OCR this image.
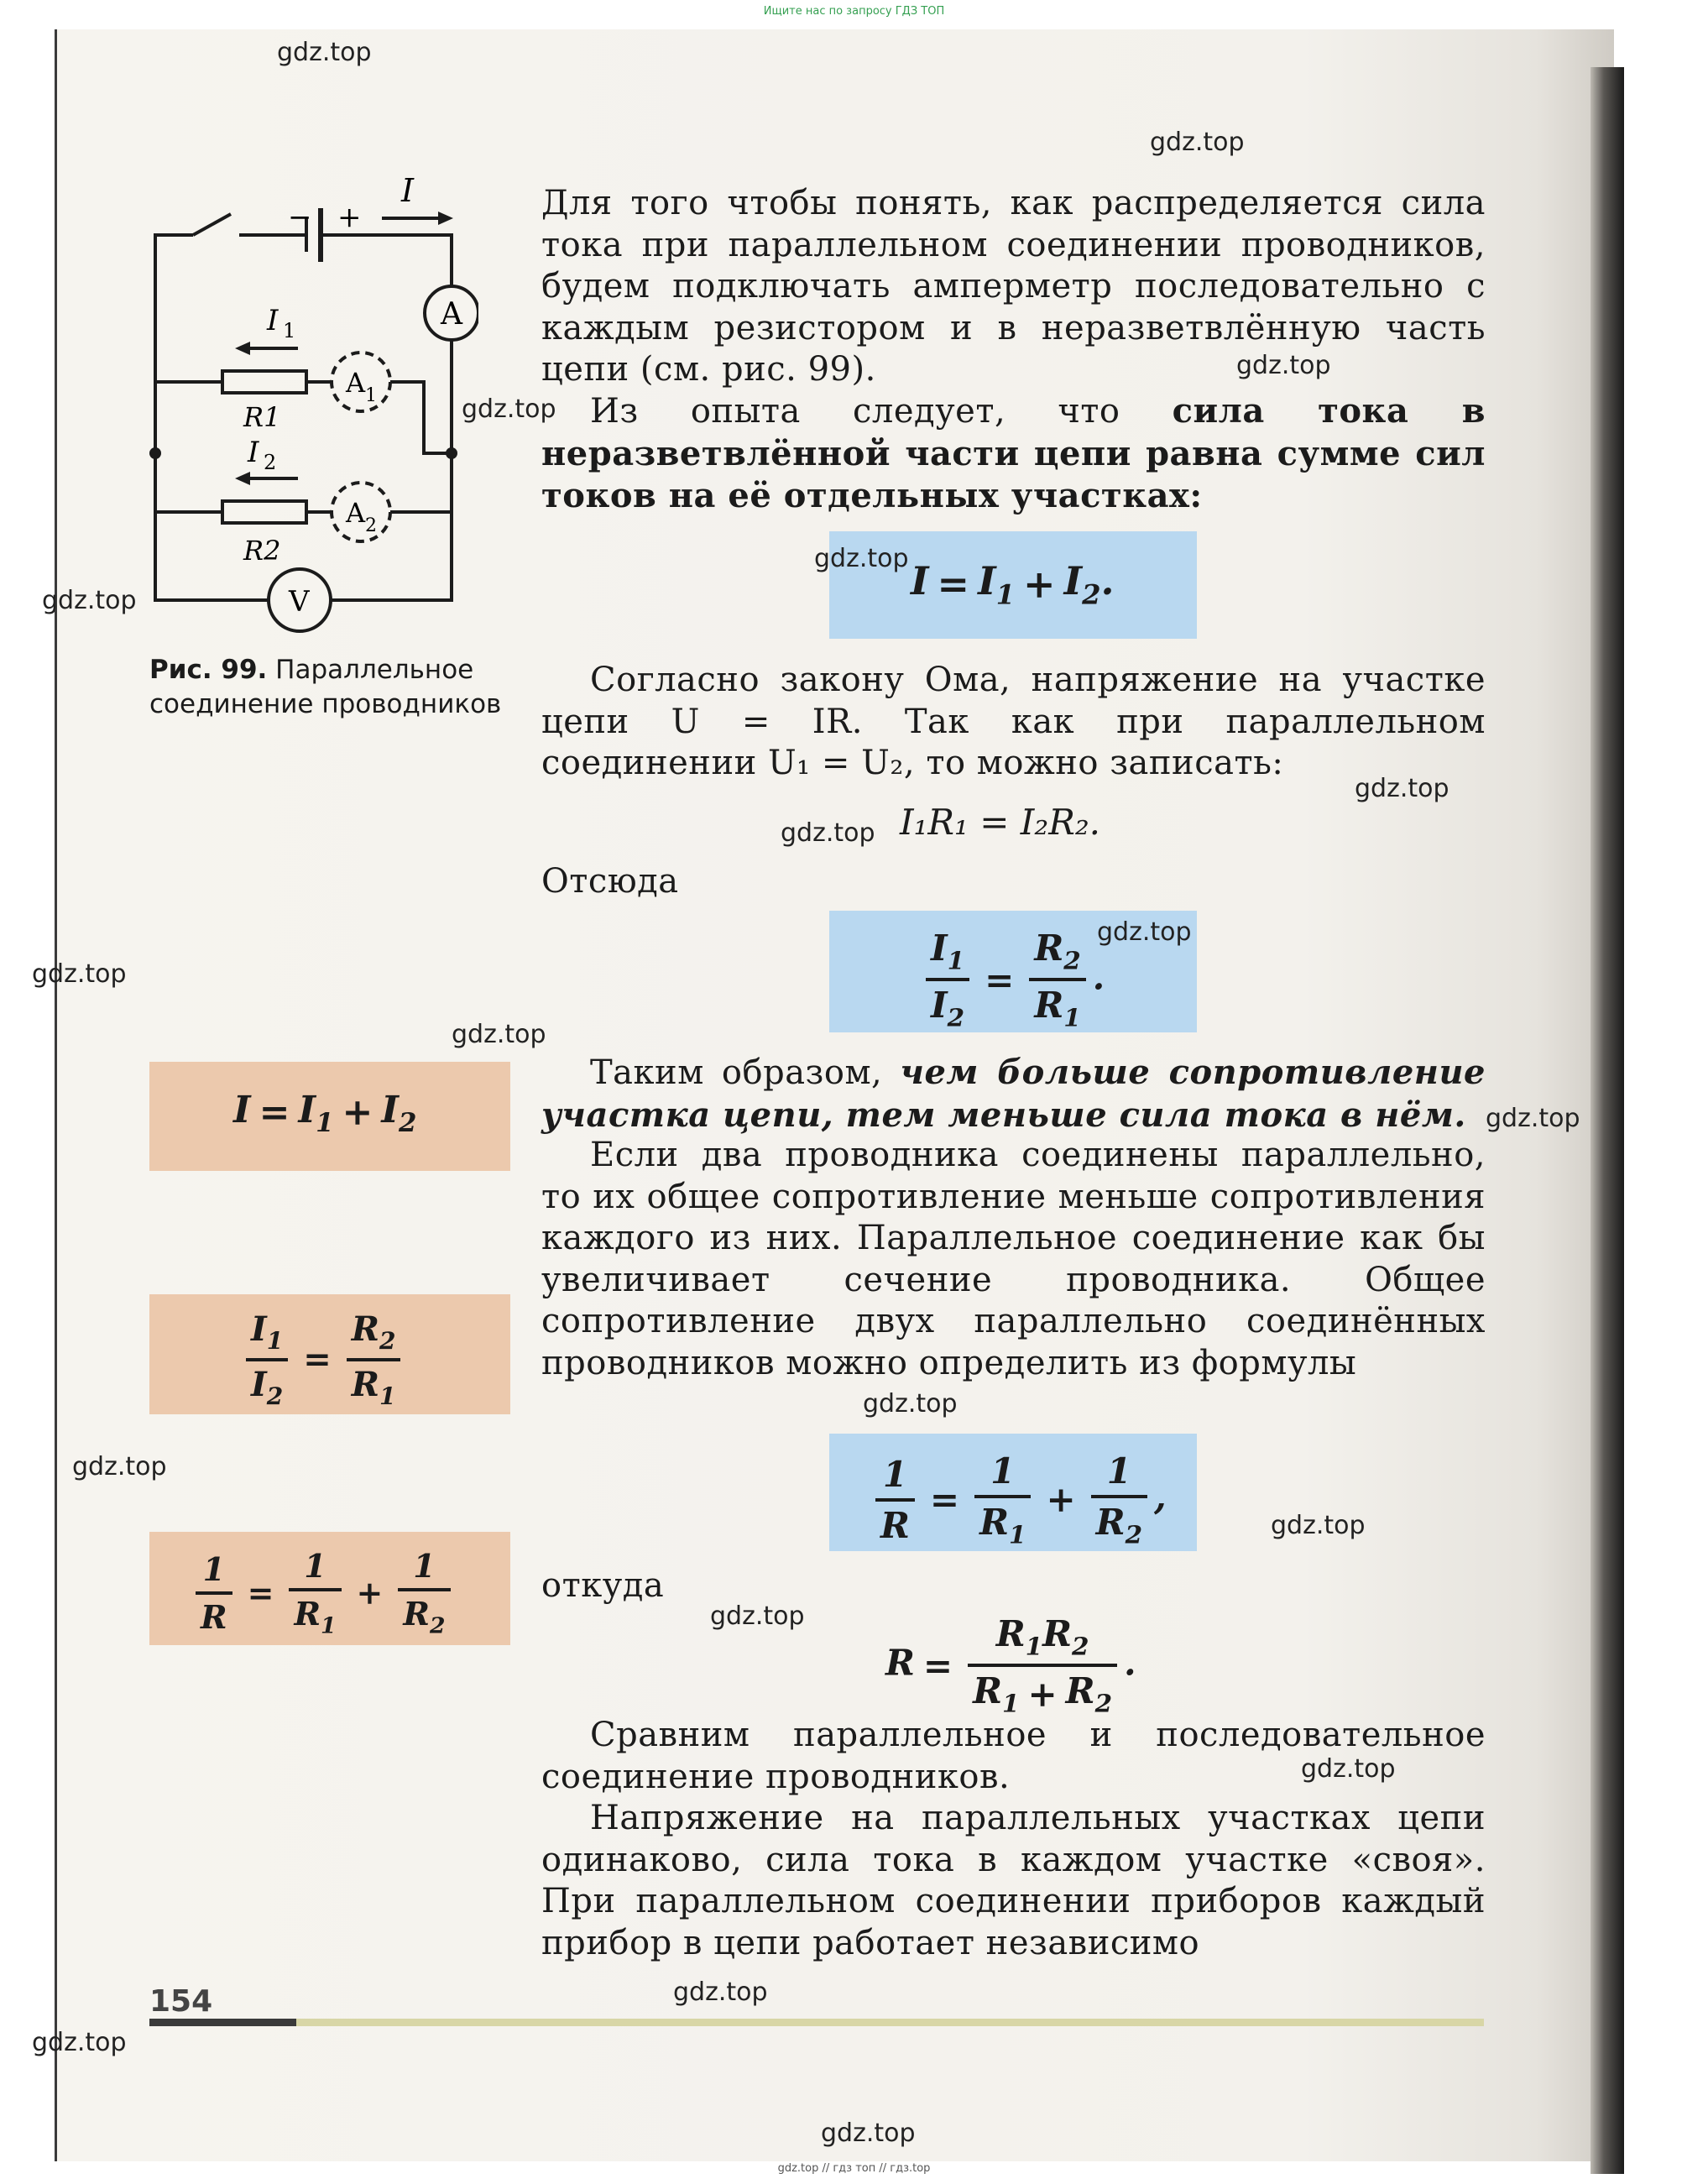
Ищите нас по запросу ГДЗ ТОП
− +
I
A
I 1
A 1
R1
I 2
A 2
R2
V
Рис. 99. Параллельное соединение проводников
Для того чтобы понять, как распределяется сила тока при параллельном соединении проводников, будем подключать амперметр последовательно с каждым резистором и в неразветвлённую часть цепи (см. рис. 99).
Из опыта следует, что сила тока в неразветвлённой части цепи равна сумме сил токов на её отдельных участках:
$I = I_1 + I_2$.
Согласно закону Ома, напряжение на участке цепи U = IR. Так как при параллельном соединении U₁ = U₂, то можно записать:
I₁R₁ = I₂R₂.
Отсюда
$\frac{I_1}{I_2} = \frac{R_2}{R_1}$ .
Таким образом, чем больше сопротивление участка цепи, тем меньше сила тока в нём.
Если два проводника соединены параллельно, то их общее сопротивление меньше сопротивления каждого из них. Параллельное соединение как бы увеличивает сечение проводника. Общее сопротивление двух параллельно соединённых проводников можно определить из формулы
$\frac{1}{R} = \frac{1}{R_1} + \frac{1}{R_2}$ ,
откуда
$R = \frac{R_1R_2}{R_1 + R_2}$ .
Сравним параллельное и последовательное соединение проводников.
Напряжение на параллельных участках цепи одинаково, сила тока в каждом участке «своя». При параллельном соединении приборов каждый прибор в цепи работает независимо
$I = I_1 + I_2$
$\frac{I_1}{I_2} = \frac{R_2}{R_1}$
$\frac{1}{R} = \frac{1}{R_1} + \frac{1}{R_2}$
154
gdz.top
gdz.top
gdz.top
gdz.top
gdz.top
gdz.top
gdz.top
gdz.top
gdz.top
gdz.top
gdz.top
gdz.top
gdz.top
gdz.top
gdz.top
gdz.top
gdz.top
gdz.top
gdz.top
gdz.top
gdz.top // гдз топ // гдз.top
